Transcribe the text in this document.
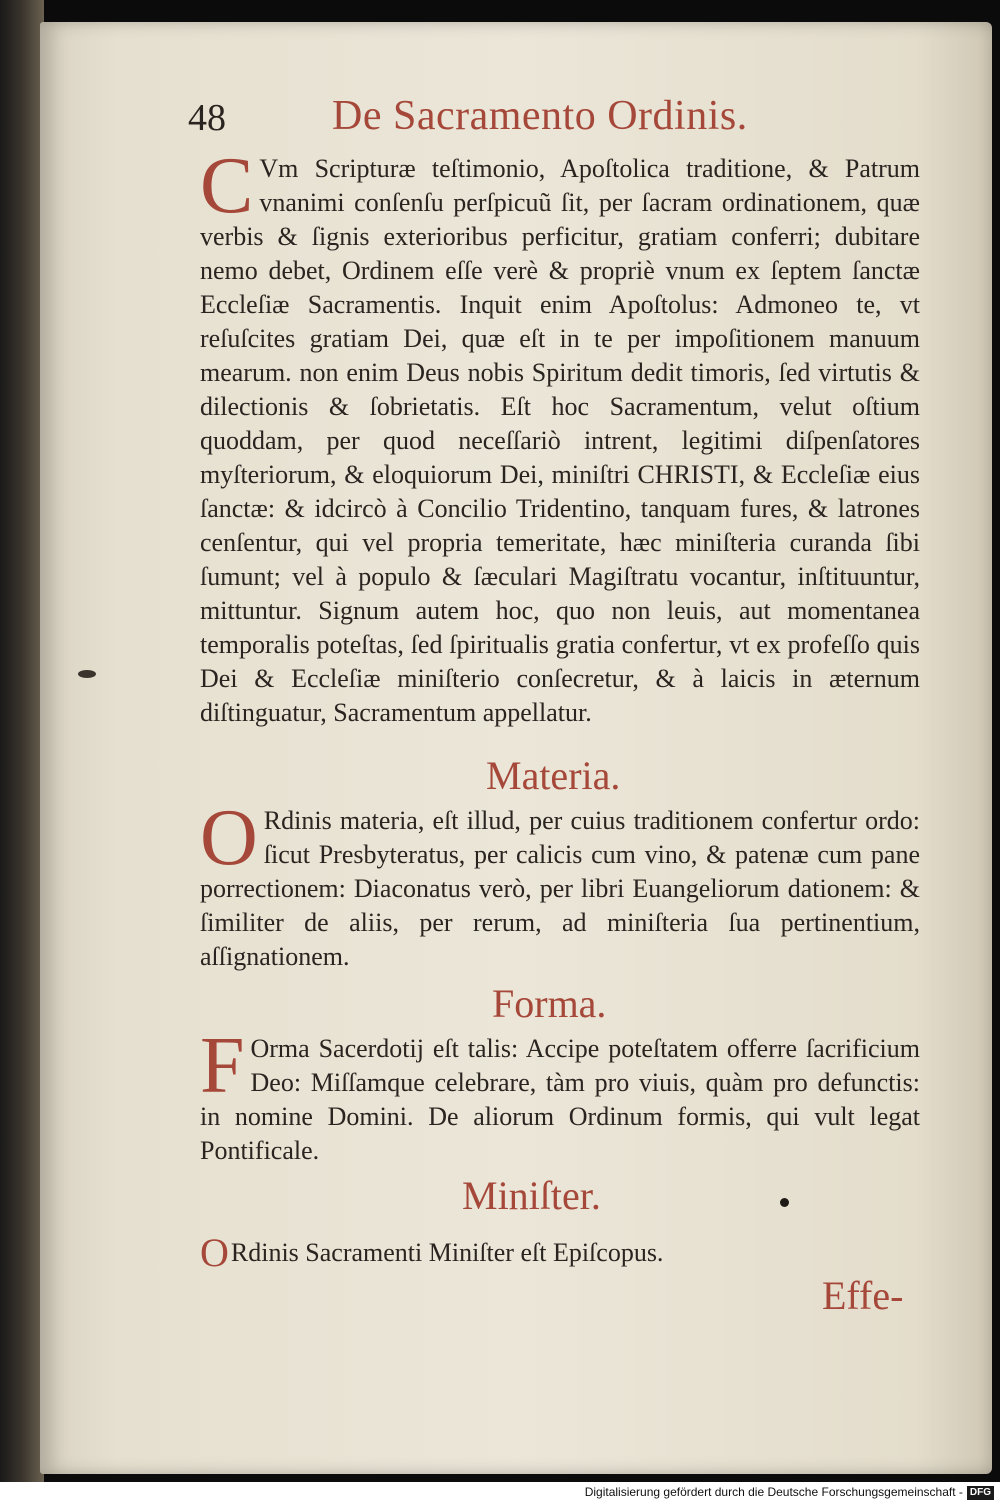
48	De Sacramento Ordinis.

C Vm Scripturæ teſtimonio, Apoſtolica traditione, & Patrum vnanimi conſenſu perſpicuũ ſit, per ſacram ordinationem, quæ verbis & ſignis exterioribus perficitur, gratiam conferri; dubitare nemo debet, Ordinem eſſe verè & propriè vnum ex ſeptem ſanctæ Eccleſiæ Sacramentis. Inquit enim Apoſtolus: Admoneo te, vt reſuſcites gratiam Dei, quæ eſt in te per impoſitionem manuum mearum. non enim Deus nobis Spiritum dedit timoris, ſed virtutis & dilectionis & ſobrietatis. Eſt hoc Sacramentum, velut oſtium quoddam, per quod neceſſariò intrent, legitimi diſpenſatores myſteriorum, & eloquiorum Dei, miniſtri CHRISTI, & Eccleſiæ eius ſanctæ: & idcircò à Concilio Tridentino, tanquam fures, & latrones cenſentur, qui vel propria temeritate, hæc miniſteria curanda ſibi ſumunt; vel à populo & ſæculari Magiſtratu vocantur, inſtituuntur, mittuntur. Signum autem hoc, quo non leuis, aut momentanea temporalis poteſtas, ſed ſpiritualis gratia confertur, vt ex profeſſo quis Dei & Eccleſiæ miniſterio conſecretur, & à laicis in æternum diſtinguatur, Sacramentum appellatur.

Materia.

O Rdinis materia, eſt illud, per cuius traditionem confertur ordo: ſicut Presbyteratus, per calicis cum vino, & patenæ cum pane porrectionem: Diaconatus verò, per libri Euangeliorum dationem: & ſimiliter de aliis, per rerum, ad miniſteria ſua pertinentium, aſſignationem.

Forma.

F Orma Sacerdotij eſt talis: Accipe poteſtatem offerre ſacrificium Deo: Miſſamque celebrare, tàm pro viuis, quàm pro defunctis: in nomine Domini. De aliorum Ordinum formis, qui vult legat Pontificale.

Miniſter.

O Rdinis Sacramenti Miniſter eſt Epiſcopus.

Effe-
Digitalisierung gefördert durch die Deutsche Forschungsgemeinschaft - DFG
